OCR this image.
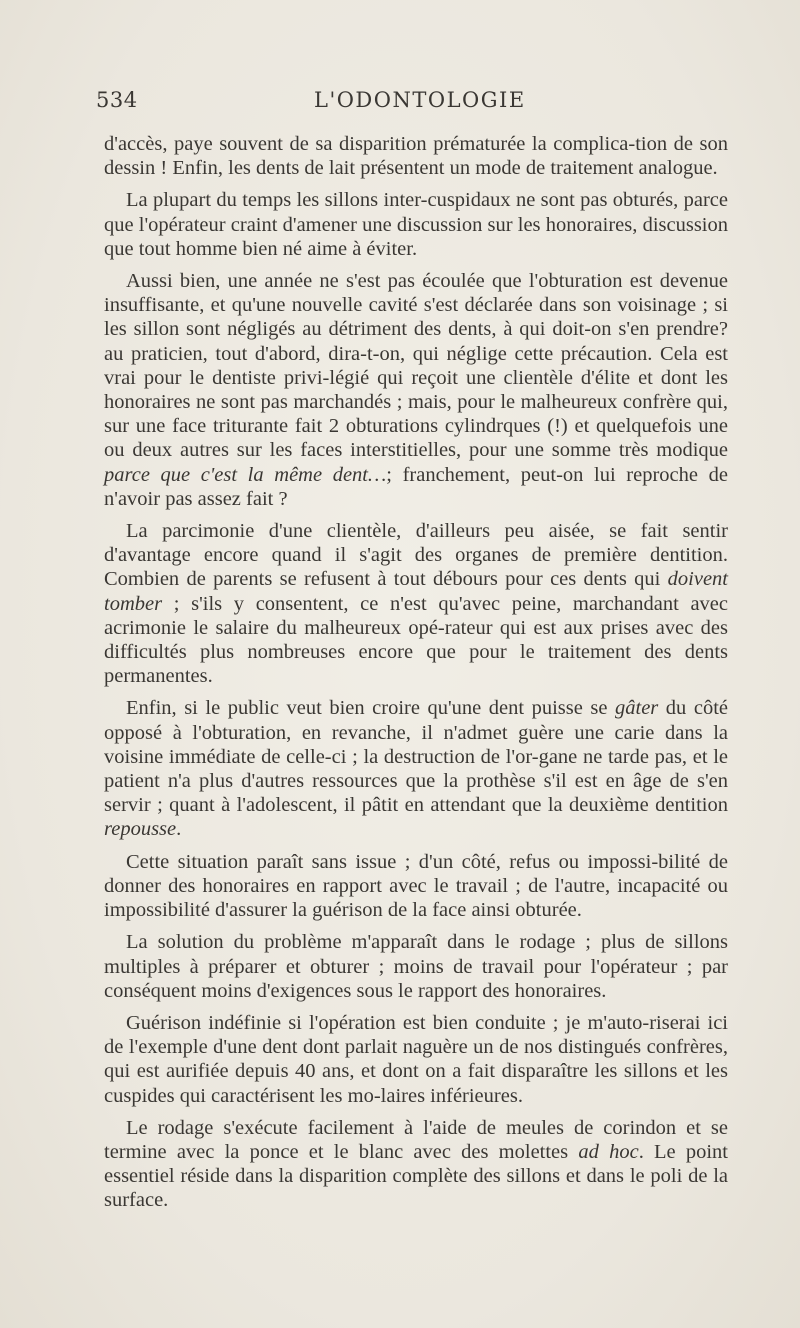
534	L'ODONTOLOGIE

d'accès, paye souvent de sa disparition prématurée la complica-tion de son dessin ! Enfin, les dents de lait présentent un mode de traitement analogue.

La plupart du temps les sillons inter-cuspidaux ne sont pas obturés, parce que l'opérateur craint d'amener une discussion sur les honoraires, discussion que tout homme bien né aime à éviter.

Aussi bien, une année ne s'est pas écoulée que l'obturation est devenue insuffisante, et qu'une nouvelle cavité s'est déclarée dans son voisinage ; si les sillon sont négligés au détriment des dents, à qui doit-on s'en prendre? au praticien, tout d'abord, dira-t-on, qui néglige cette précaution. Cela est vrai pour le dentiste privi-légié qui reçoit une clientèle d'élite et dont les honoraires ne sont pas marchandés ; mais, pour le malheureux confrère qui, sur une face triturante fait 2 obturations cylindrques (!) et quelquefois une ou deux autres sur les faces interstitielles, pour une somme très modique parce que c'est la même dent…; franchement, peut-on lui reproche de n'avoir pas assez fait ?

La parcimonie d'une clientèle, d'ailleurs peu aisée, se fait sentir d'avantage encore quand il s'agit des organes de première dentition. Combien de parents se refusent à tout débours pour ces dents qui doivent tomber ; s'ils y consentent, ce n'est qu'avec peine, marchandant avec acrimonie le salaire du malheureux opé-rateur qui est aux prises avec des difficultés plus nombreuses encore que pour le traitement des dents permanentes.

Enfin, si le public veut bien croire qu'une dent puisse se gâter du côté opposé à l'obturation, en revanche, il n'admet guère une carie dans la voisine immédiate de celle-ci ; la destruction de l'or-gane ne tarde pas, et le patient n'a plus d'autres ressources que la prothèse s'il est en âge de s'en servir ; quant à l'adolescent, il pâtit en attendant que la deuxième dentition repousse.

Cette situation paraît sans issue ; d'un côté, refus ou impossi-bilité de donner des honoraires en rapport avec le travail ; de l'autre, incapacité ou impossibilité d'assurer la guérison de la face ainsi obturée.

La solution du problème m'apparaît dans le rodage ; plus de sillons multiples à préparer et obturer ; moins de travail pour l'opérateur ; par conséquent moins d'exigences sous le rapport des honoraires.

Guérison indéfinie si l'opération est bien conduite ; je m'auto-riserai ici de l'exemple d'une dent dont parlait naguère un de nos distingués confrères, qui est aurifiée depuis 40 ans, et dont on a fait disparaître les sillons et les cuspides qui caractérisent les mo-laires inférieures.

Le rodage s'exécute facilement à l'aide de meules de corindon et se termine avec la ponce et le blanc avec des molettes ad hoc. Le point essentiel réside dans la disparition complète des sillons et dans le poli de la surface.
